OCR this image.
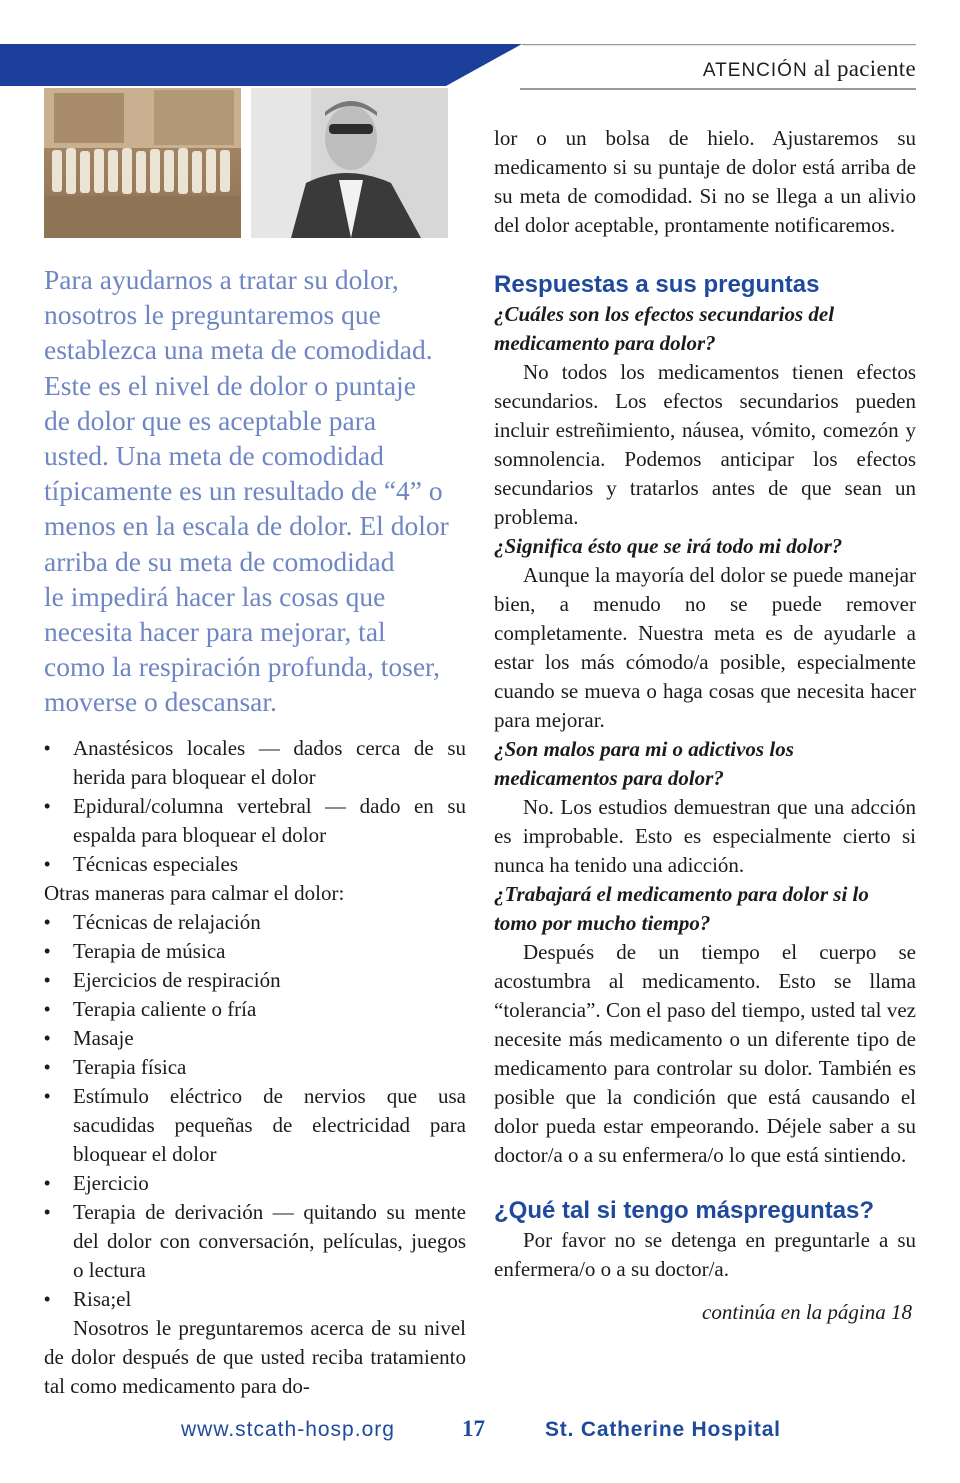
ATENCIÓN al paciente

Para ayudarnos a tratar su dolor,

nosotros le preguntaremos que

establezca una meta de comodidad.

Este es el nivel de dolor o puntaje

de dolor que es aceptable para

usted. Una meta de comodidad

típicamente es un resultado de “4” o

menos en la escala de dolor. El dolor

arriba de su meta de comodidad

le impedirá hacer las cosas que

necesita hacer para mejorar, tal

como la respiración profunda, toser,

moverse o descansar.

• Anastésicos locales — dados cerca de su herida para bloquear el dolor
• Epidural/columna vertebral — dado en su espalda para bloquear el dolor
• Técnicas especiales

Otras maneras para calmar el dolor:

• Técnicas de relajación
• Terapia de música
• Ejercicios de respiración
• Terapia caliente o fría
• Masaje
• Terapia física
• Estímulo eléctrico de nervios que usa sacudidas pequeñas de electricidad para bloquear el dolor
• Ejercicio
• Terapia de derivación — quitando su mente del dolor con conversación, películas, juegos o lectura
• Risa;el

Nosotros le preguntaremos acerca de su nivel de dolor después de que usted reciba tratamiento tal como medicamento para do-

lor o un bolsa de hielo. Ajustaremos su medicamento si su puntaje de dolor está arriba de su meta de comodidad. Si no se llega a un alivio del dolor aceptable, prontamente notificaremos.

Respuestas a sus preguntas

¿Cuáles son los efectos secundarios del medicamento para dolor?

No todos los medicamentos tienen efectos secundarios. Los efectos secundarios pueden incluir estreñimiento, náusea, vómito, comezón y somnolencia. Podemos anticipar los efectos secundarios y tratarlos antes de que sean un problema.

¿Significa ésto que se irá todo mi dolor?

Aunque la mayoría del dolor se puede manejar bien, a menudo no se puede remover completamente. Nuestra meta es de ayudarle a estar los más cómodo/a posible, especialmente cuando se mueva o haga cosas que necesita hacer para mejorar.

¿Son malos para mi o adictivos los medicamentos para dolor?

No. Los estudios demuestran que una adcción es improbable. Esto es especialmente cierto si nunca ha tenido una adicción.

¿Trabajará el medicamento para dolor si lo tomo por mucho tiempo?

Después de un tiempo el cuerpo se acostumbra al medicamento. Esto se llama “tolerancia”. Con el paso del tiempo, usted tal vez necesite más medicamento o un diferente tipo de medicamento para controlar su dolor. También es posible que la condición que está causando el dolor pueda estar empeorando. Déjele saber a su doctor/a o a su enfermera/o lo que está sintiendo.

¿Qué tal si tengo máspreguntas?

Por favor no se detenga en preguntarle a su enfermera/o o a su doctor/a.

continúa en la página 18

www.stcath-hosp.org	17	St. Catherine Hospital
